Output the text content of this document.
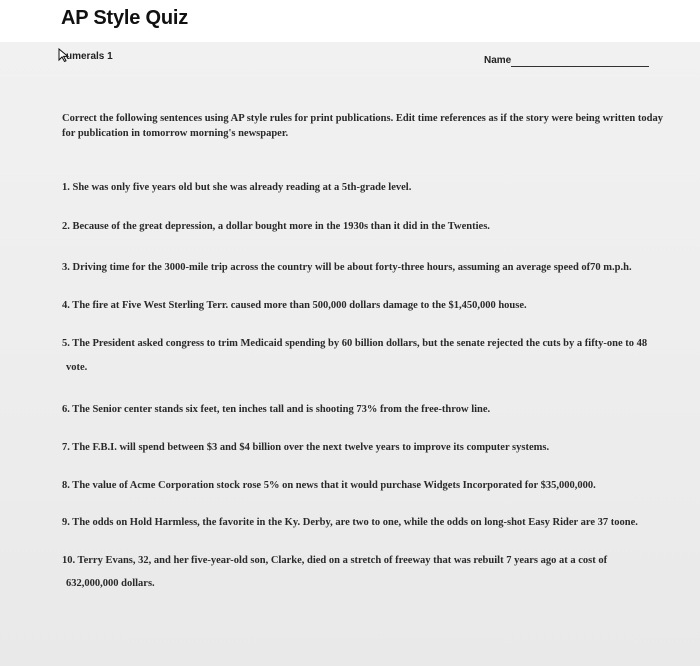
AP Style Quiz
umerals 1	Name
Correct the following sentences using AP style rules for print publications. Edit time references as if the story were being written today for publication in tomorrow morning's newspaper.
1. She was only five years old but she was already reading at a 5th-grade level.
2. Because of the great depression, a dollar bought more in the 1930s than it did in the Twenties.
3. Driving time for the 3000-mile trip across the country will be about forty-three hours, assuming an average speed of70 m.p.h.
4. The fire at Five West Sterling Terr. caused more than 500,000 dollars damage to the $1,450,000 house.
5. The President asked congress to trim Medicaid spending by 60 billion dollars, but the senate rejected the cuts by a fifty-one to 48
vote.
6. The Senior center stands six feet, ten inches tall and is shooting 73% from the free-throw line.
7. The F.B.I. will spend between $3 and $4 billion over the next twelve years to improve its computer systems.
8. The value of Acme Corporation stock rose 5% on news that it would purchase Widgets Incorporated for $35,000,000.
9. The odds on Hold Harmless, the favorite in the Ky. Derby, are two to one, while the odds on long-shot Easy Rider are 37 toone.
10. Terry Evans, 32, and her five-year-old son, Clarke, died on a stretch of freeway that was rebuilt 7 years ago at a cost of
632,000,000 dollars.
